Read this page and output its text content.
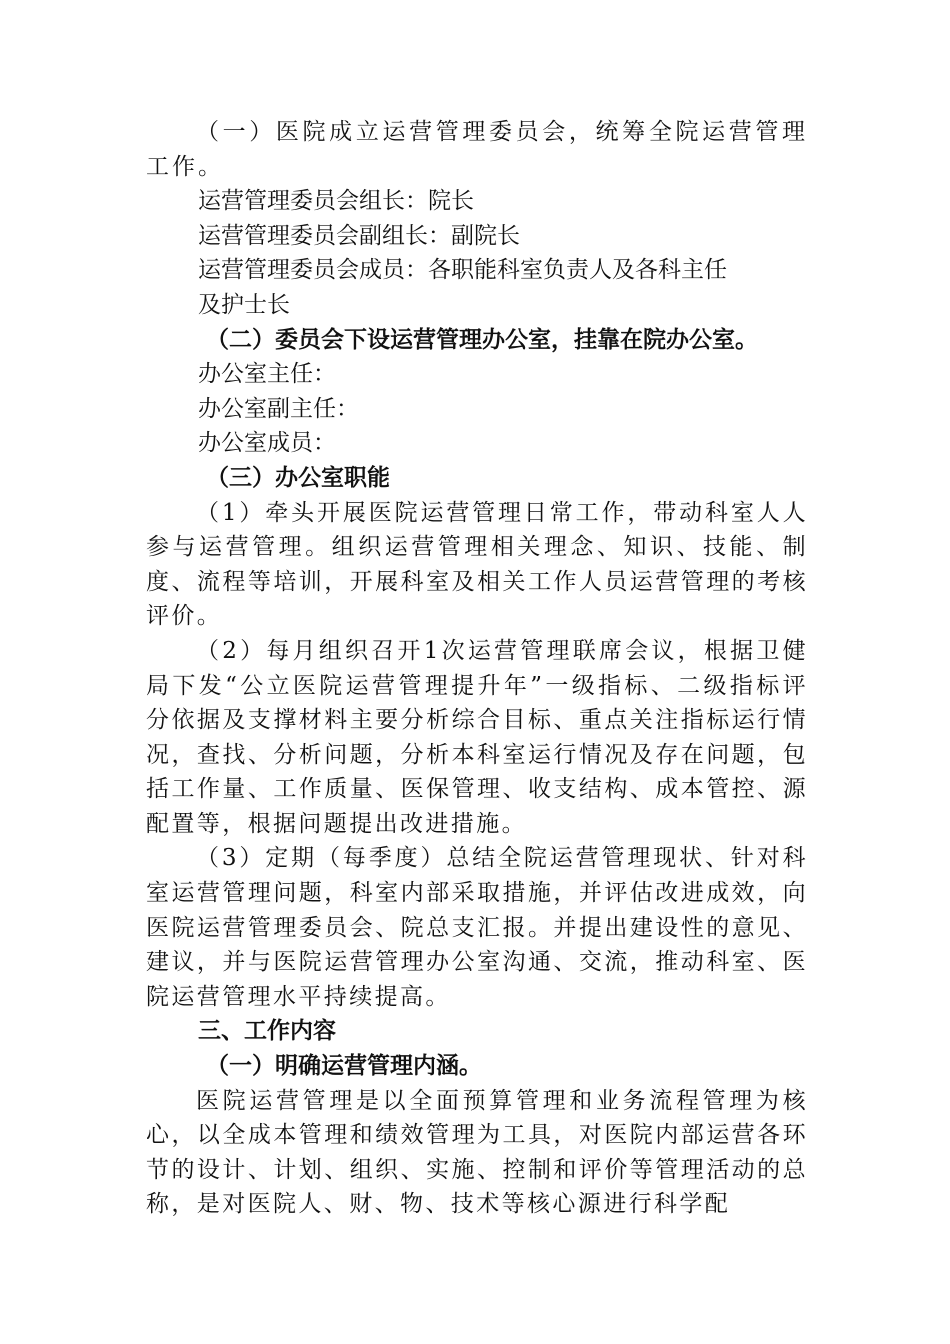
（一）医院成立运营管理委员会，统筹全院运营管理工作。
运营管理委员会组长：院长
运营管理委员会副组长：副院长
运营管理委员会成员：各职能科室负责人及各科主任
及护士长
（二）委员会下设运营管理办公室，挂靠在院办公室。
办公室主任：
办公室副主任：
办公室成员：
（三）办公室职能
（1）牵头开展医院运营管理日常工作，带动科室人人参与运营管理。组织运营管理相关理念、知识、技能、制度、流程等培训，开展科室及相关工作人员运营管理的考核评价。
（2）每月组织召开1次运营管理联席会议，根据卫健局下发“公立医院运营管理提升年”一级指标、二级指标评分依据及支撑材料主要分析综合目标、重点关注指标运行情况，查找、分析问题，分析本科室运行情况及存在问题，包括工作量、工作质量、医保管理、收支结构、成本管控、源配置等，根据问题提出改进措施。
（3）定期（每季度）总结全院运营管理现状、针对科室运营管理问题，科室内部采取措施，并评估改进成效，向医院运营管理委员会、院总支汇报。并提出建设性的意见、建议，并与医院运营管理办公室沟通、交流，推动科室、医院运营管理水平持续提高。
三、工作内容
（一）明确运营管理内涵。
医院运营管理是以全面预算管理和业务流程管理为核心，以全成本管理和绩效管理为工具，对医院内部运营各环节的设计、计划、组织、实施、控制和评价等管理活动的总称，是对医院人、财、物、技术等核心源进行科学配
